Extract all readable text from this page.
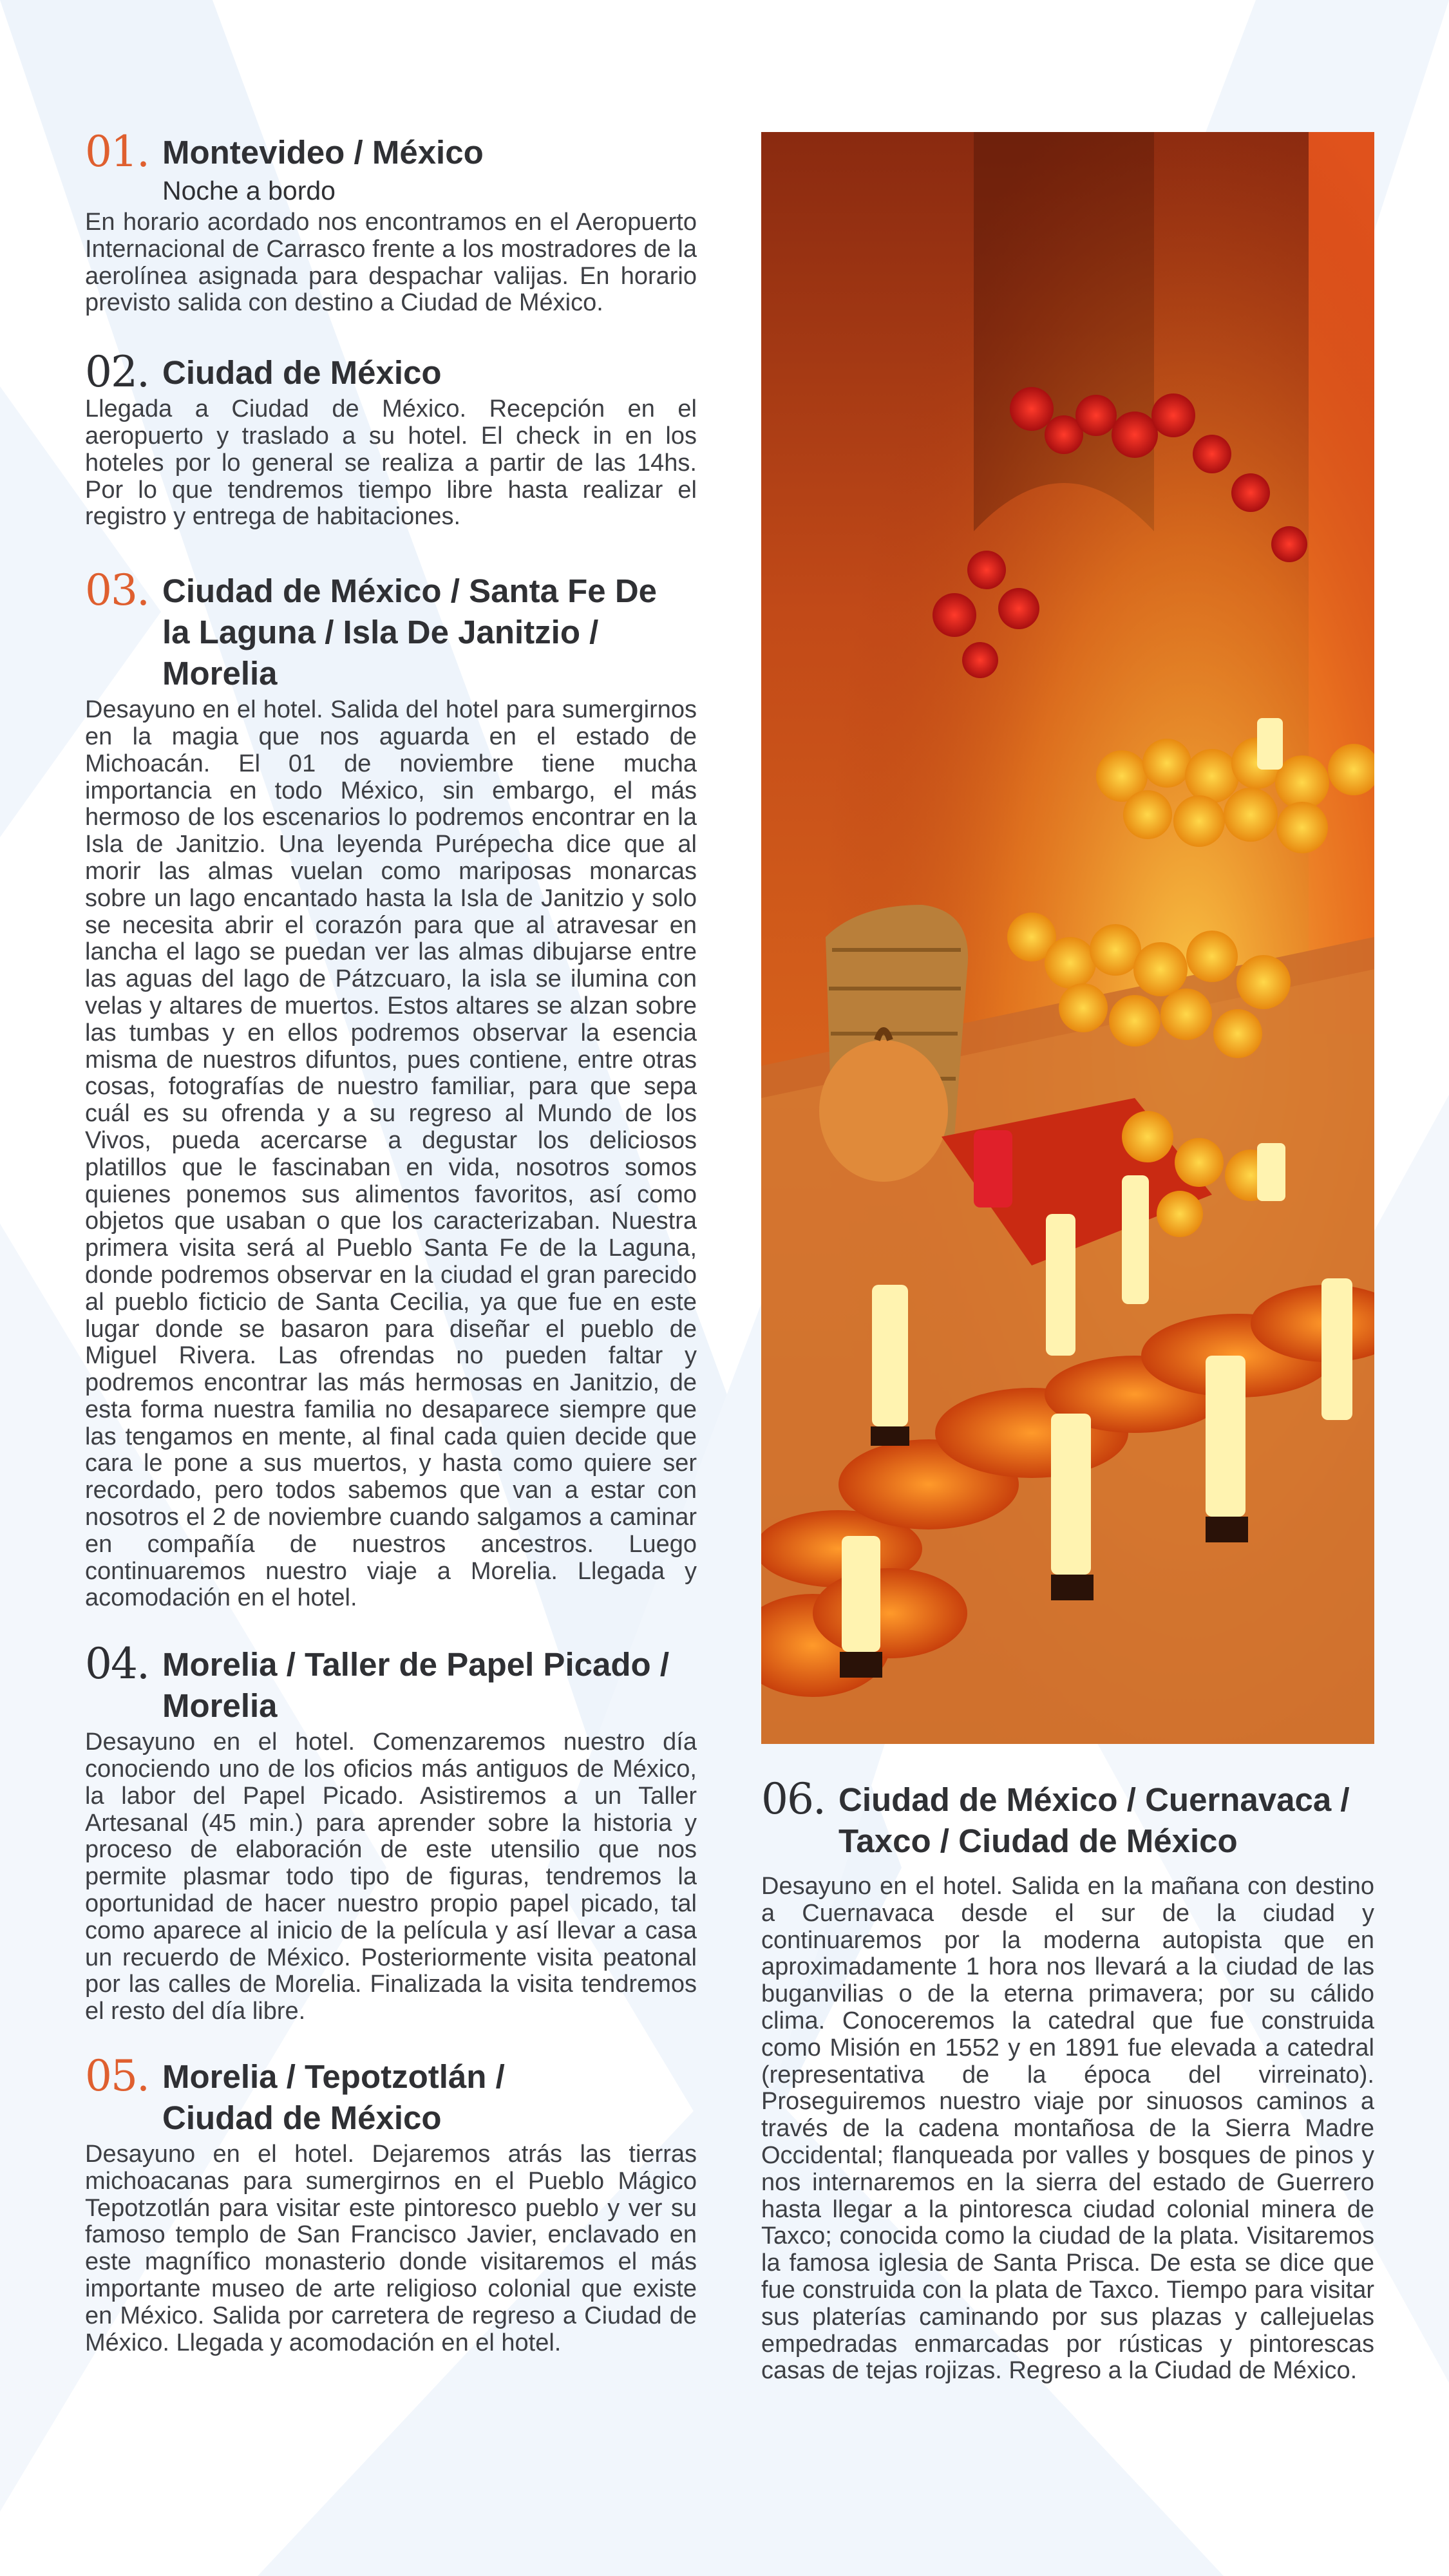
01. Montevideo / México
Noche a bordo
En horario acordado nos encontramos en el Aeropuerto Internacional de Carrasco frente a los mostradores de la aerolínea asignada para despachar valijas. En horario previsto salida con destino a Ciudad de México.
02. Ciudad de México
Llegada a Ciudad de México. Recepción en el aeropuerto y traslado a su hotel. El check in en los hoteles por lo general se realiza a partir de las 14hs. Por lo que tendremos tiempo libre hasta realizar el registro y entrega de habitaciones.
03. Ciudad de México / Santa Fe De la Laguna / Isla De Janitzio / Morelia
Desayuno en el hotel. Salida del hotel para sumergirnos en la magia que nos aguarda en el estado de Michoacán. El 01 de noviembre tiene mucha importancia en todo México, sin embargo, el más hermoso de los escenarios lo podremos encontrar en la Isla de Janitzio. Una leyenda Purépecha dice que al morir las almas vuelan como mariposas monarcas sobre un lago encantado hasta la Isla de Janitzio y solo se necesita abrir el corazón para que al atravesar en lancha el lago se puedan ver las almas dibujarse entre las aguas del lago de Pátzcuaro, la isla se ilumina con velas y altares de muertos. Estos altares se alzan sobre las tumbas y en ellos podremos observar la esencia misma de nuestros difuntos, pues contiene, entre otras cosas, fotografías de nuestro familiar, para que sepa cuál es su ofrenda y a su regreso al Mundo de los Vivos, pueda acercarse a degustar los deliciosos platillos que le fascinaban en vida, nosotros somos quienes ponemos sus alimentos favoritos, así como objetos que usaban o que los caracterizaban. Nuestra primera visita será al Pueblo Santa Fe de la Laguna, donde podremos observar en la ciudad el gran parecido al pueblo ficticio de Santa Cecilia, ya que fue en este lugar donde se basaron para diseñar el pueblo de Miguel Rivera. Las ofrendas no pueden faltar y podremos encontrar las más hermosas en Janitzio, de esta forma nuestra familia no desaparece siempre que las tengamos en mente, al final cada quien decide que cara le pone a sus muertos, y hasta como quiere ser recordado, pero todos sabemos que van a estar con nosotros el 2 de noviembre cuando salgamos a caminar en compañía de nuestros ancestros. Luego continuaremos nuestro viaje a Morelia. Llegada y acomodación en el hotel.
04. Morelia / Taller de Papel Picado / Morelia
Desayuno en el hotel. Comenzaremos nuestro día conociendo uno de los oficios más antiguos de México, la labor del Papel Picado. Asistiremos a un Taller Artesanal (45 min.) para aprender sobre la historia y proceso de elaboración de este utensilio que nos permite plasmar todo tipo de figuras, tendremos la oportunidad de hacer nuestro propio papel picado, tal como aparece al inicio de la película y así llevar a casa un recuerdo de México. Posteriormente visita peatonal por las calles de Morelia. Finalizada la visita tendremos el resto del día libre.
05. Morelia / Tepotzotlán / Ciudad de México
Desayuno en el hotel. Dejaremos atrás las tierras michoacanas para sumergirnos en el Pueblo Mágico Tepotzotlán para visitar este pintoresco pueblo y ver su famoso templo de San Francisco Javier, enclavado en este magnífico monasterio donde visitaremos el más importante museo de arte religioso colonial que existe en México. Salida por carretera de regreso a Ciudad de México. Llegada y acomodación en el hotel.
06. Ciudad de México / Cuernavaca / Taxco / Ciudad de México
Desayuno en el hotel. Salida en la mañana con destino a Cuernavaca desde el sur de la ciudad y continuaremos por la moderna autopista que en aproximadamente 1 hora nos llevará a la ciudad de las buganvilias o de la eterna primavera; por su cálido clima. Conoceremos la catedral que fue construida como Misión en 1552 y en 1891 fue elevada a catedral (representativa de la época del virreinato). Proseguiremos nuestro viaje por sinuosos caminos a través de la cadena montañosa de la Sierra Madre Occidental; flanqueada por valles y bosques de pinos y nos internaremos en la sierra del estado de Guerrero hasta llegar a la pintoresca ciudad colonial minera de Taxco; conocida como la ciudad de la plata. Visitaremos la famosa iglesia de Santa Prisca. De esta se dice que fue construida con la plata de Taxco. Tiempo para visitar sus platerías caminando por sus plazas y callejuelas empedradas enmarcadas por rústicas y pintorescas casas de tejas rojizas. Regreso a la Ciudad de México.
